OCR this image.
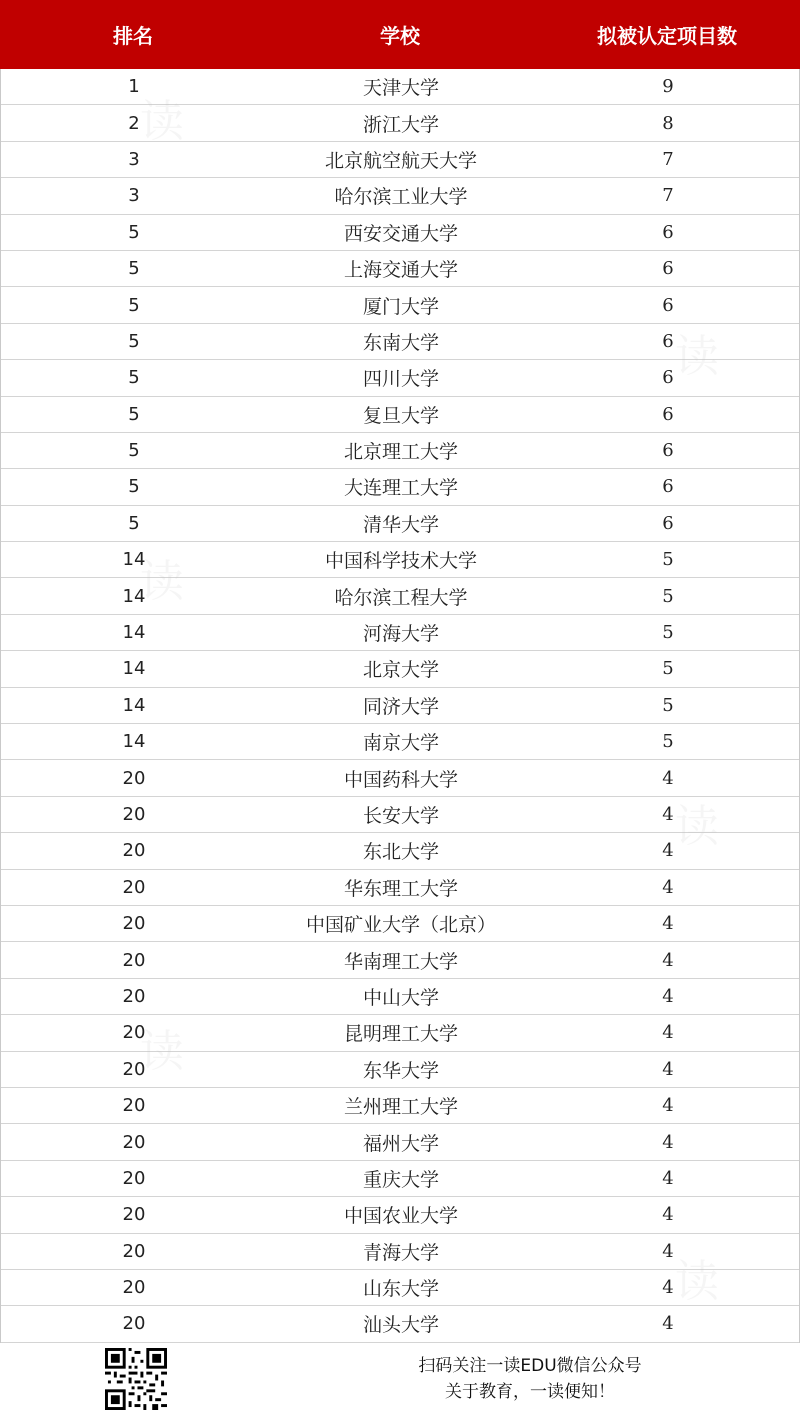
排名	学校	拟被认定项目数
1	天津大学	9
2	浙江大学	8
3	北京航空航天大学	7
3	哈尔滨工业大学	7
5	西安交通大学	6
5	上海交通大学	6
5	厦门大学	6
5	东南大学	6
5	四川大学	6
5	复旦大学	6
5	北京理工大学	6
5	大连理工大学	6
5	清华大学	6
14	中国科学技术大学	5
14	哈尔滨工程大学	5
14	河海大学	5
14	北京大学	5
14	同济大学	5
14	南京大学	5
20	中国药科大学	4
20	长安大学	4
20	东北大学	4
20	华东理工大学	4
20	中国矿业大学（北京）	4
20	华南理工大学	4
20	中山大学	4
20	昆明理工大学	4
20	东华大学	4
20	兰州理工大学	4
20	福州大学	4
20	重庆大学	4
20	中国农业大学	4
20	青海大学	4
20	山东大学	4
20	汕头大学	4
读
读
读
读
读
读
扫码关注一读EDU微信公众号
关于教育，一读便知！
